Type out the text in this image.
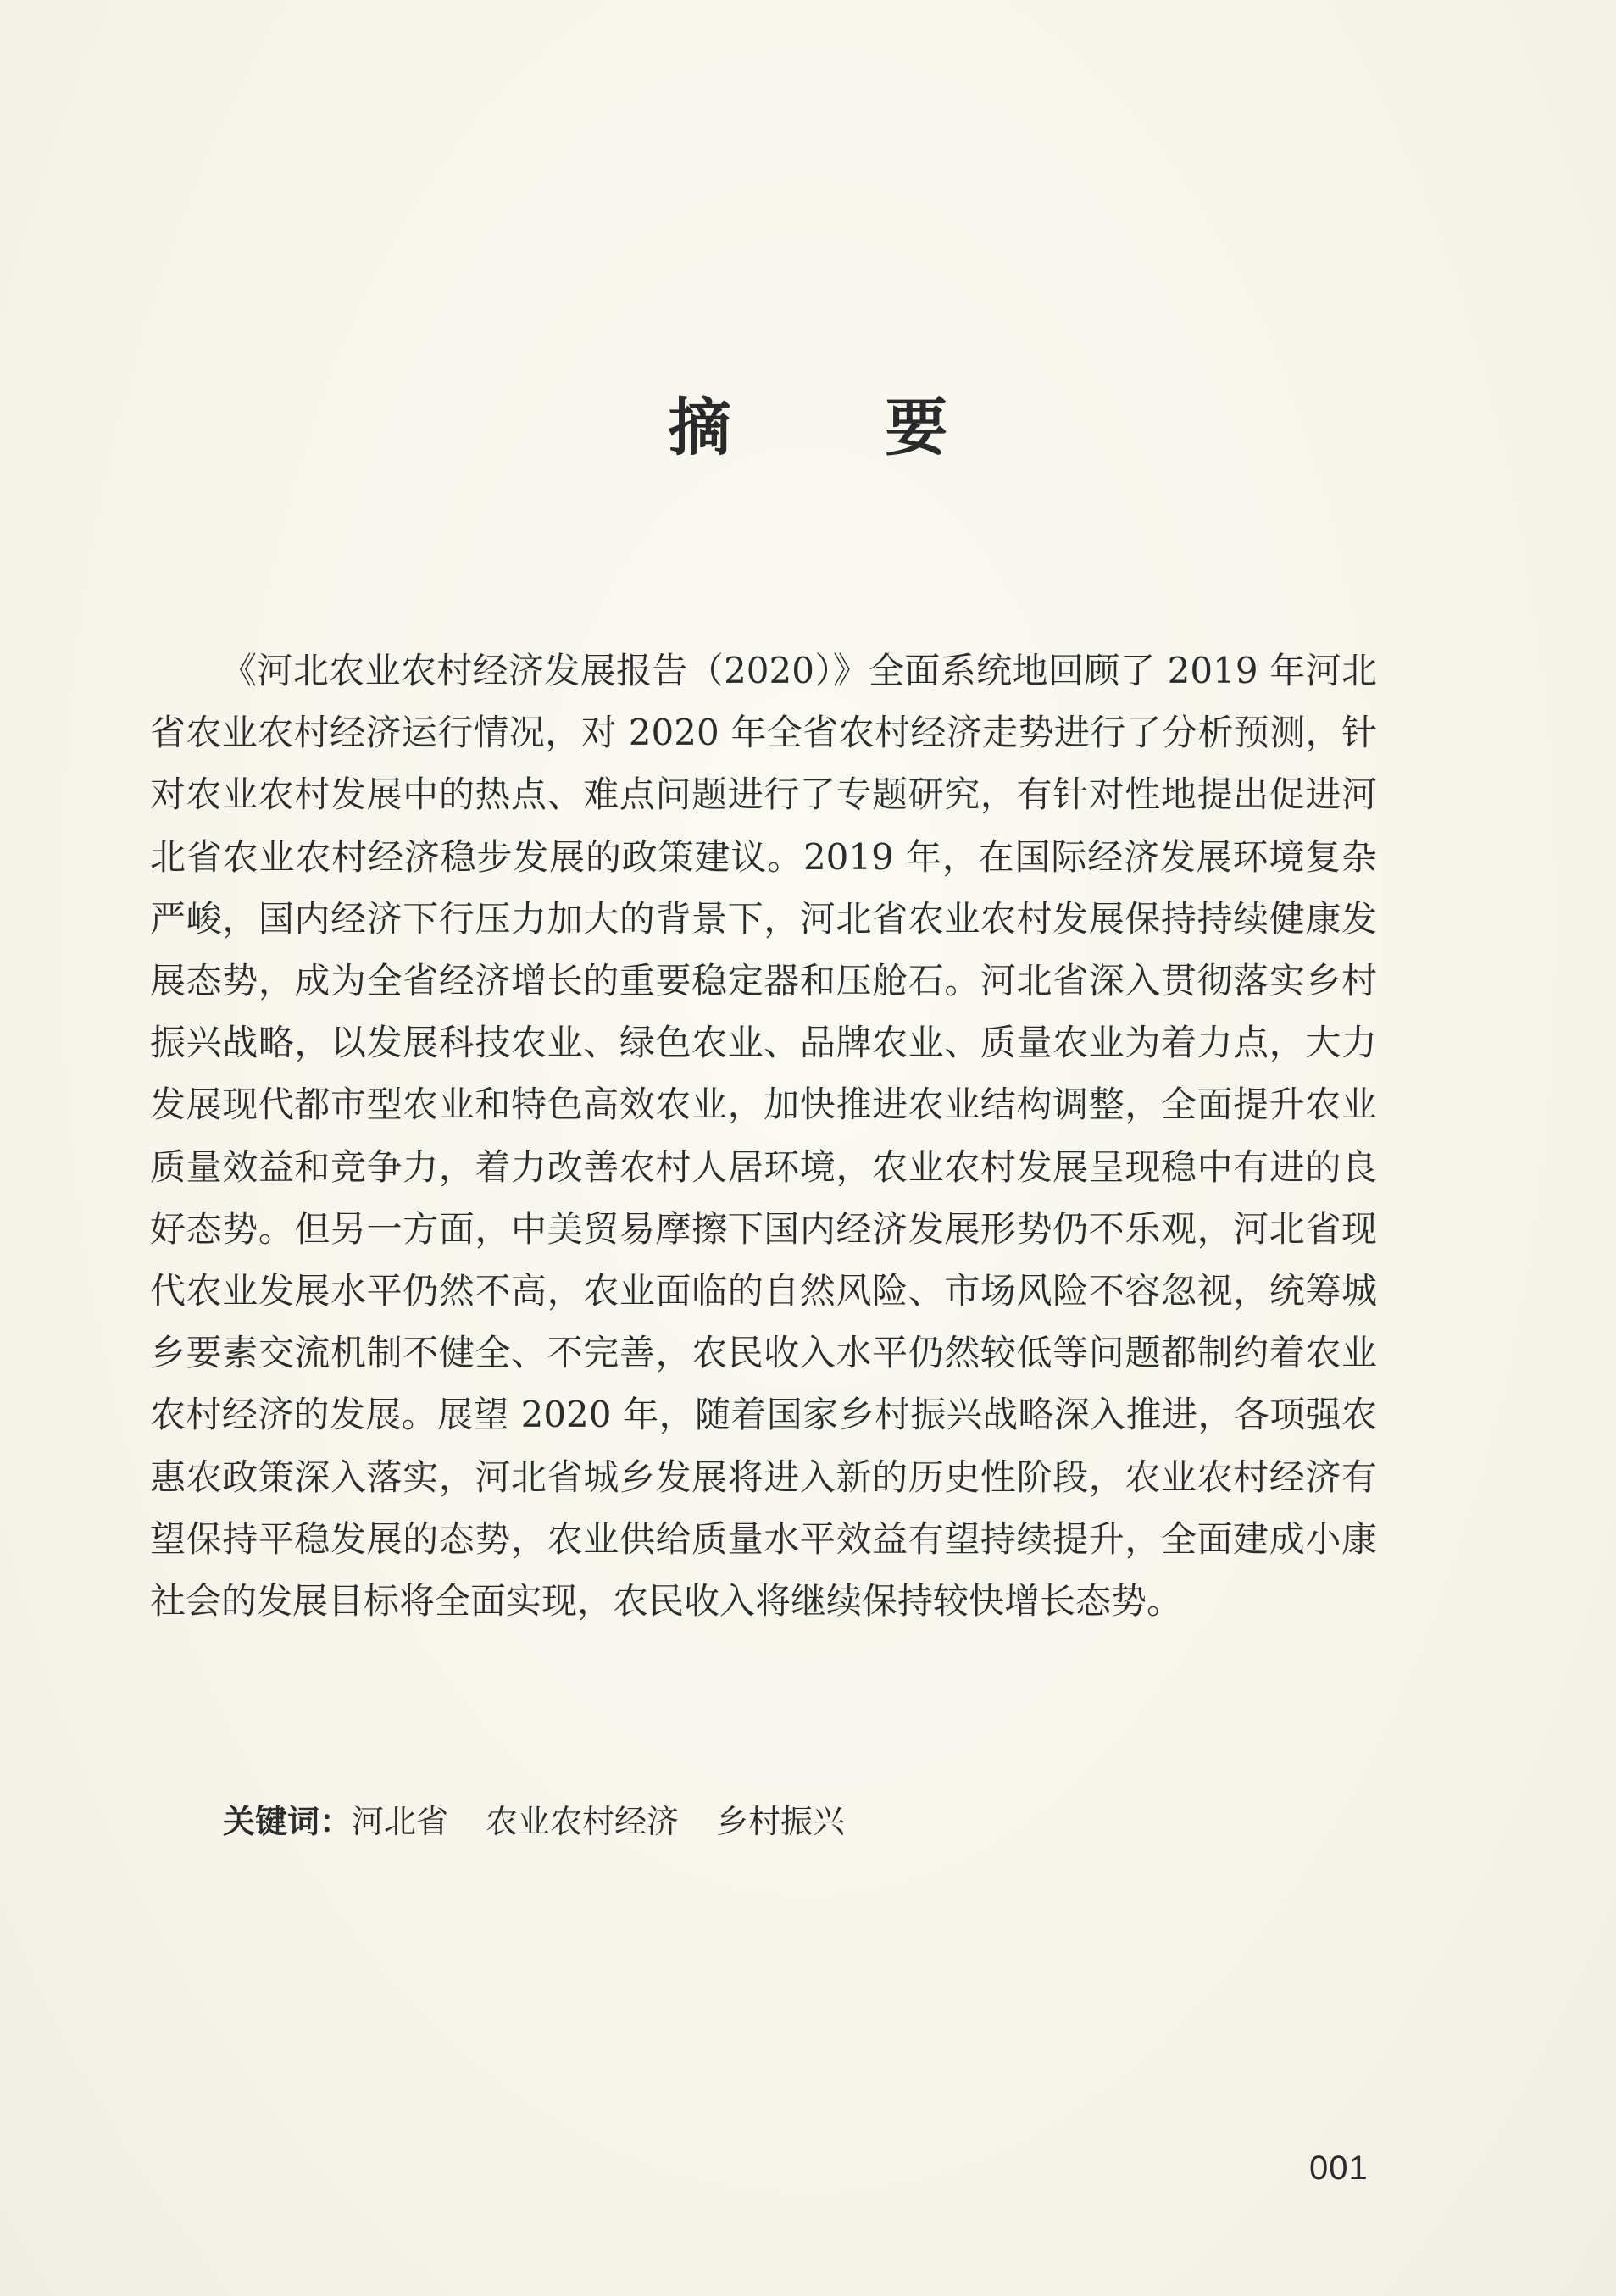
摘 要

《河北农业农村经济发展报告（2020）》全面系统地回顾了 2019 年河北省农业农村经济运行情况，对 2020 年全省农村经济走势进行了分析预测，针对农业农村发展中的热点、难点问题进行了专题研究，有针对性地提出促进河北省农业农村经济稳步发展的政策建议。2019 年，在国际经济发展环境复杂严峻，国内经济下行压力加大的背景下，河北省农业农村发展保持持续健康发展态势，成为全省经济增长的重要稳定器和压舱石。河北省深入贯彻落实乡村振兴战略，以发展科技农业、绿色农业、品牌农业、质量农业为着力点，大力发展现代都市型农业和特色高效农业，加快推进农业结构调整，全面提升农业质量效益和竞争力，着力改善农村人居环境，农业农村发展呈现稳中有进的良好态势。但另一方面，中美贸易摩擦下国内经济发展形势仍不乐观，河北省现代农业发展水平仍然不高，农业面临的自然风险、市场风险不容忽视，统筹城乡要素交流机制不健全、不完善，农民收入水平仍然较低等问题都制约着农业农村经济的发展。展望 2020 年，随着国家乡村振兴战略深入推进，各项强农惠农政策深入落实，河北省城乡发展将进入新的历史性阶段，农业农村经济有望保持平稳发展的态势，农业供给质量水平效益有望持续提升，全面建成小康社会的发展目标将全面实现，农民收入将继续保持较快增长态势。

关键词：河北省 农业农村经济 乡村振兴
001
